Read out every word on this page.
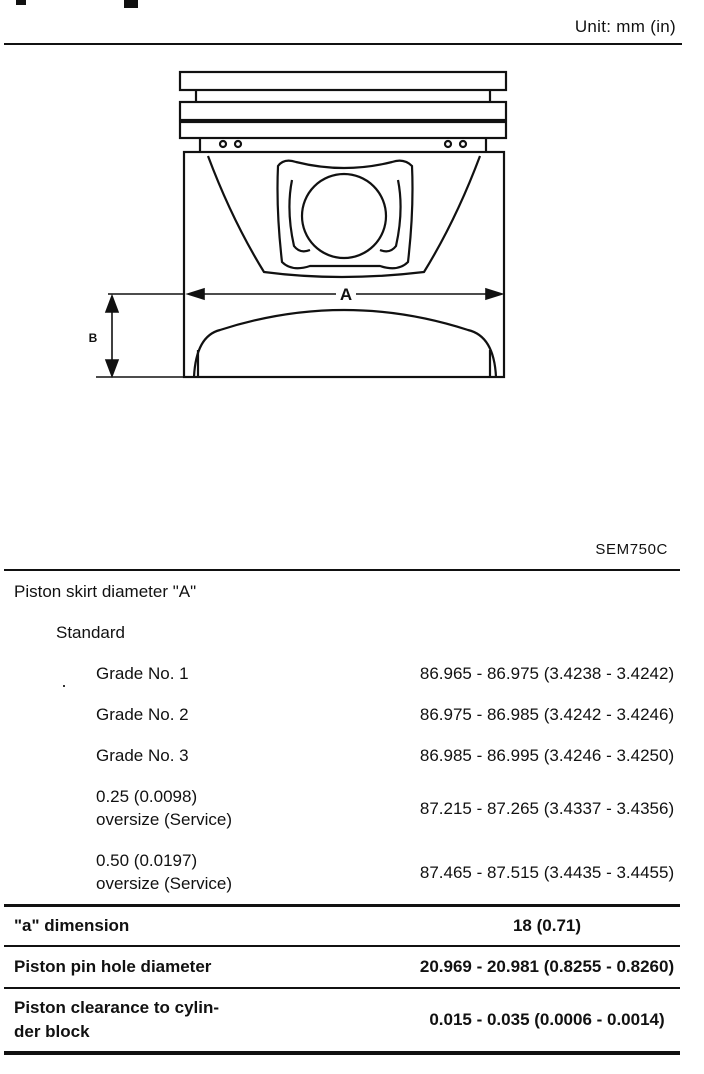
Unit: mm (in)
A
B
SEM750C
Piston skirt diameter "A"	
Standard	
Grade No. 1	86.965 - 86.975 (3.4238 - 3.4242)
Grade No. 2	86.975 - 86.985 (3.4242 - 3.4246)
Grade No. 3	86.985 - 86.995 (3.4246 - 3.4250)

0.25 (0.0098)
oversize (Service)	87.215 - 87.265 (3.4337 - 3.4356)

0.50 (0.0197)
oversize (Service)	87.465 - 87.515 (3.4435 - 3.4455)
"a" dimension	18 (0.71)
Piston pin hole diameter	20.969 - 20.981 (0.8255 - 0.8260)

Piston clearance to cylin-
der block	0.015 - 0.035 (0.0006 - 0.0014)
